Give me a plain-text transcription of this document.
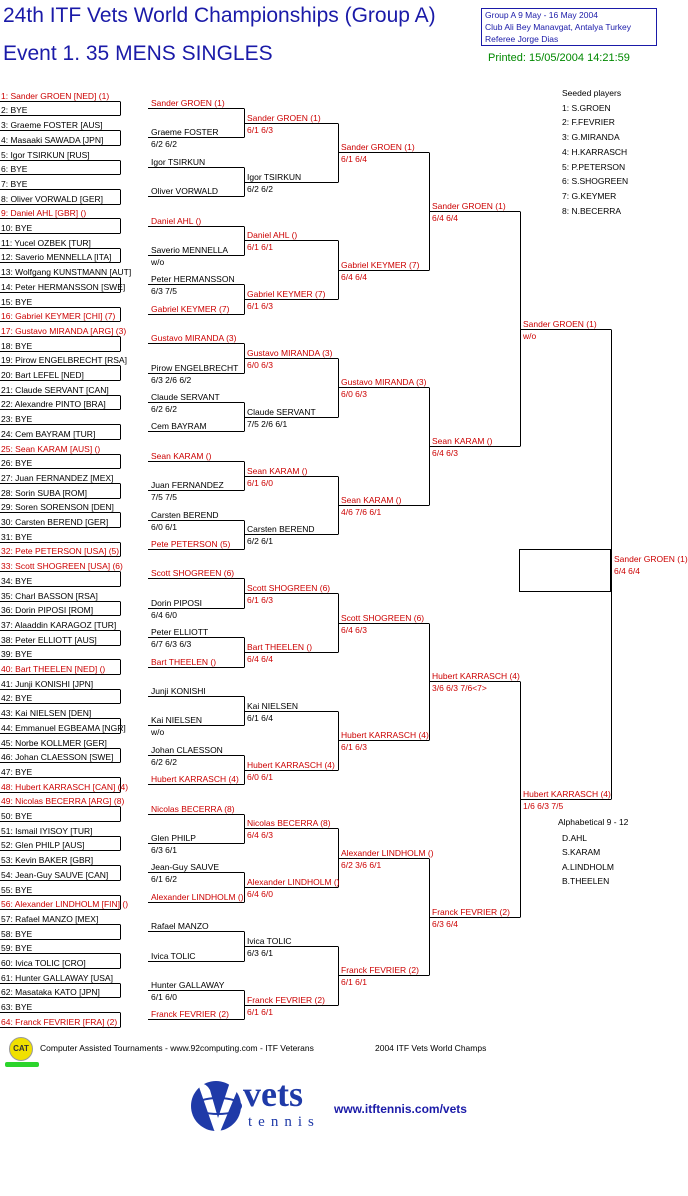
24th ITF Vets World Championships (Group A)
Event 1. 35 MENS SINGLES
Group A 9 May - 16 May 2004
Club Ali Bey Manavgat, Antalya Turkey
Referee Jorge Dias
Printed: 15/05/2004 14:21:59
1: Sander GROEN [NED] (1)
2: BYE
3: Graeme FOSTER [AUS]
4: Masaaki SAWADA [JPN]
5: Igor TSIRKUN [RUS]
6: BYE
7: BYE
8: Oliver VORWALD [GER]
9: Daniel AHL [GBR] ()
10: BYE
11: Yucel OZBEK [TUR]
12: Saverio MENNELLA [ITA]
13: Wolfgang KUNSTMANN [AUT]
14: Peter HERMANSSON [SWE]
15: BYE
16: Gabriel KEYMER [CHI] (7)
17: Gustavo MIRANDA [ARG] (3)
18: BYE
19: Pirow ENGELBRECHT [RSA]
20: Bart LEFEL [NED]
21: Claude SERVANT [CAN]
22: Alexandre PINTO [BRA]
23: BYE
24: Cem BAYRAM [TUR]
25: Sean KARAM [AUS] ()
26: BYE
27: Juan FERNANDEZ [MEX]
28: Sorin SUBA [ROM]
29: Soren SORENSON [DEN]
30: Carsten BEREND [GER]
31: BYE
32: Pete PETERSON [USA] (5)
33: Scott SHOGREEN [USA] (6)
34: BYE
35: Charl BASSON [RSA]
36: Dorin PIPOSI [ROM]
37: Alaaddin KARAGOZ [TUR]
38: Peter ELLIOTT [AUS]
39: BYE
40: Bart THEELEN [NED] ()
41: Junji KONISHI [JPN]
42: BYE
43: Kai NIELSEN [DEN]
44: Emmanuel EGBEAMA [NGR]
45: Norbe KOLLMER [GER]
46: Johan CLAESSON [SWE]
47: BYE
48: Hubert KARRASCH [CAN] (4)
49: Nicolas BECERRA [ARG] (8)
50: BYE
51: Ismail IYISOY [TUR]
52: Glen PHILP [AUS]
53: Kevin BAKER [GBR]
54: Jean-Guy SAUVE [CAN]
55: BYE
56: Alexander LINDHOLM [FIN] ()
57: Rafael MANZO [MEX]
58: BYE
59: BYE
60: Ivica TOLIC [CRO]
61: Hunter GALLAWAY [USA]
62: Masataka KATO [JPN]
63: BYE
64: Franck FEVRIER [FRA] (2)
Sander GROEN (1)
Graeme FOSTER
6/2 6/2
Igor TSIRKUN
Oliver VORWALD
Daniel AHL ()
Saverio MENNELLA
w/o
Peter HERMANSSON
6/3 7/5
Gabriel KEYMER (7)
Gustavo MIRANDA (3)
Pirow ENGELBRECHT
6/3 2/6 6/2
Claude SERVANT
6/2 6/2
Cem BAYRAM
Sean KARAM ()
Juan FERNANDEZ
7/5 7/5
Carsten BEREND
6/0 6/1
Pete PETERSON (5)
Scott SHOGREEN (6)
Dorin PIPOSI
6/4 6/0
Peter ELLIOTT
6/7 6/3 6/3
Bart THEELEN ()
Junji KONISHI
Kai NIELSEN
w/o
Johan CLAESSON
6/2 6/2
Hubert KARRASCH (4)
Nicolas BECERRA (8)
Glen PHILP
6/3 6/1
Jean-Guy SAUVE
6/1 6/2
Alexander LINDHOLM ()
Rafael MANZO
Ivica TOLIC
Hunter GALLAWAY
6/1 6/0
Franck FEVRIER (2)
Sander GROEN (1)
6/1 6/3
Igor TSIRKUN
6/2 6/2
Daniel AHL ()
6/1 6/1
Gabriel KEYMER (7)
6/1 6/3
Gustavo MIRANDA (3)
6/0 6/3
Claude SERVANT
7/5 2/6 6/1
Sean KARAM ()
6/1 6/0
Carsten BEREND
6/2 6/1
Scott SHOGREEN (6)
6/1 6/3
Bart THEELEN ()
6/4 6/4
Kai NIELSEN
6/1 6/4
Hubert KARRASCH (4)
6/0 6/1
Nicolas BECERRA (8)
6/4 6/3
Alexander LINDHOLM ()
6/4 6/0
Ivica TOLIC
6/3 6/1
Franck FEVRIER (2)
6/1 6/1
Sander GROEN (1)
6/1 6/4
Gabriel KEYMER (7)
6/4 6/4
Gustavo MIRANDA (3)
6/0 6/3
Sean KARAM ()
4/6 7/6 6/1
Scott SHOGREEN (6)
6/4 6/3
Hubert KARRASCH (4)
6/1 6/3
Alexander LINDHOLM ()
6/2 3/6 6/1
Franck FEVRIER (2)
6/1 6/1
Sander GROEN (1)
6/4 6/4
Sean KARAM ()
6/4 6/3
Hubert KARRASCH (4)
3/6 6/3 7/6<7>
Franck FEVRIER (2)
6/3 6/4
Sander GROEN (1)
w/o
Hubert KARRASCH (4)
1/6 6/3 7/5
Sander GROEN (1)
6/4 6/4
Seeded players
1: S.GROEN
2: F.FEVRIER
3: G.MIRANDA
4: H.KARRASCH
5: P.PETERSON
6: S.SHOGREEN
7: G.KEYMER
8: N.BECERRA
Alphabetical 9 - 12
D.AHL
S.KARAM
A.LINDHOLM
B.THEELEN
CAT	Computer Assisted Tournaments - www.92computing.com - ITF Veterans	2004 ITF Vets World Champs
vets
tennis
www.itftennis.com/vets
